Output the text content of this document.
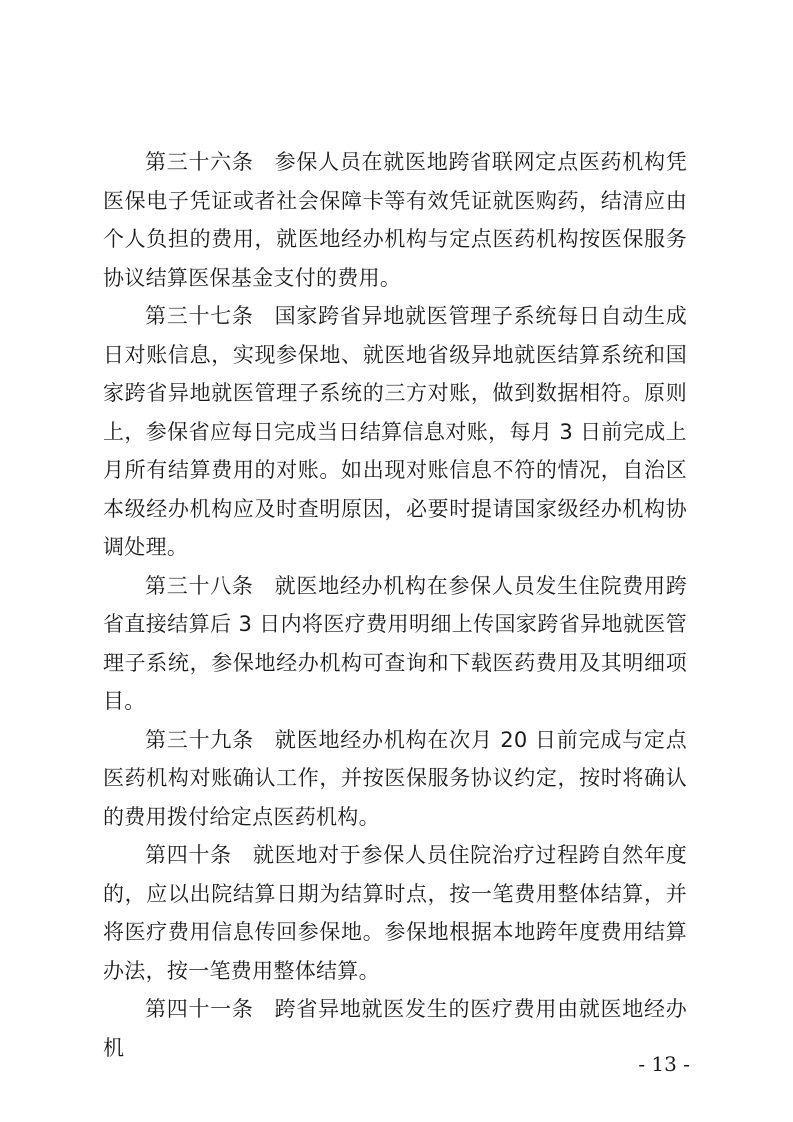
第三十六条 参保人员在就医地跨省联网定点医药机构凭医保电子凭证或者社会保障卡等有效凭证就医购药，结清应由个人负担的费用，就医地经办机构与定点医药机构按医保服务协议结算医保基金支付的费用。

第三十七条 国家跨省异地就医管理子系统每日自动生成日对账信息，实现参保地、就医地省级异地就医结算系统和国家跨省异地就医管理子系统的三方对账，做到数据相符。原则上，参保省应每日完成当日结算信息对账，每月 3 日前完成上月所有结算费用的对账。如出现对账信息不符的情况，自治区本级经办机构应及时查明原因，必要时提请国家级经办机构协调处理。

第三十八条 就医地经办机构在参保人员发生住院费用跨省直接结算后 3 日内将医疗费用明细上传国家跨省异地就医管理子系统，参保地经办机构可查询和下载医药费用及其明细项目。

第三十九条 就医地经办机构在次月 20 日前完成与定点医药机构对账确认工作，并按医保服务协议约定，按时将确认的费用拨付给定点医药机构。

第四十条 就医地对于参保人员住院治疗过程跨自然年度的，应以出院结算日期为结算时点，按一笔费用整体结算，并将医疗费用信息传回参保地。参保地根据本地跨年度费用结算办法，按一笔费用整体结算。

第四十一条 跨省异地就医发生的医疗费用由就医地经办机

- 13 -
